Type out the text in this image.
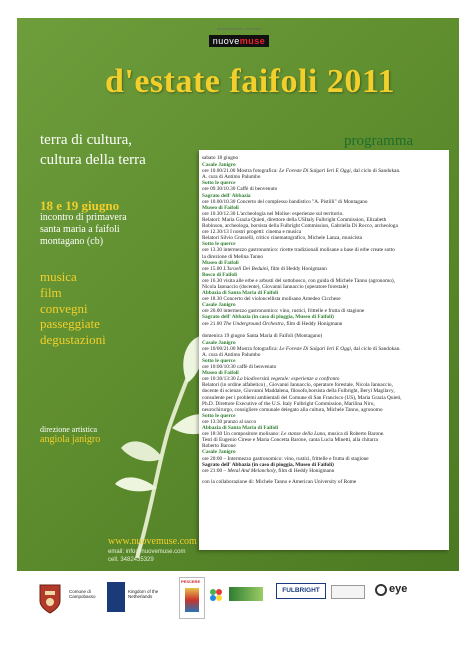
associazione culturale
nuovemuse
d'estate faifoli 2011
terra di cultura,
cultura della terra
18 e 19 giugno
incontro di primavera
santa maria a faifoli
montagano (cb)
musica
film
convegni
passeggiate
degustazioni
direzione artistica
angiola janigro
www.nuovemuse.com
email: info@nuovemuse.com
cell. 3482435329
programma
sabato 18 giugno
Casale Janigro
ore 10.00/21.00 Mostra fotografica: Le Foreste Di Salgari Ieri E Oggi, dal ciclo di Sandokan.
A. cura di Antimo Palumbo
Sotto le querce
ore 09.30/10.30 Caffè di benvenuto
Sagrato dell' Abbazia
ore 10.00/10.30 Concerto del complesso bandistico "A. Pistilli" di Montagano
Museo di Faifoli
ore 10.30/12.30 L'archeologia nel Molise: esperienze sul territorio.
Relatori: Maria Grazia Quieti, direttore della USItaly Fulbright Commission, Elizabeth
Robinson, archeologa, borsista della Fulbright Commission, Gabriella Di Rocco, archeologa
ore 12.30/13 I nostri progetti: cinema e musica
Relatori Silvio Grasselli, critico cinematografico, Michele Lanza, musicista
Sotto le querce
ore 13.30 intermezzo gastronomico: ricette tradizionali molisane a base di erbe create sotto
la direzione di Melina Tanno
Museo di Faifoli
ore 15.00 L'Israeli Dei Beduini, film di Heddy Honigmann
Bosco di Faifoli
ore 16.30 visita alle erbe e arbusti del sottobosco, con guida di Michele Tanno (agronomo),
Nicola Iannaccio (docente), Giovanni Iannaccio (operatore forestale)
Abbazia di Santa Maria di Faifoli
ore 18.30 Concerto del violoncellista molisano Amedeo Cicchese
Casale Janigro
ore 20.00 intermezzo gastronomico: vino, rustici, frittelle e frutta di stagione
Sagrato dell' Abbazia (in caso di pioggia, Museo di Faifoli)
ore 21.00 The Underground Orchestra, film di Heddy Honigmann
domenica 19 giugno Santa Maria di Faifoli (Montagano)
Casale Janigro
ore 10/00/21.00 Mostra fotografica: Le Foreste Di Salgari Ieri E Oggi, dal ciclo di Sandokan.
A. cura di Antimo Palumbo
Sotto le querce
ore 10:00/10:30 caffè di benvenuto
Museo di Faifoli
ore 10:30/13:30 La biodiversità vegetale: esperienze a confronto
Relatori (in ordine alfabetico) , Giovanni Iannaccio, operatore forestale, Nicola Iannaccio,
docente di scienze, Giovanni Maddalena, filosofo,borsista della Fulbright, Beryl Magilavy,
consulente per i problemi ambientali del Comune di San Francisco (US), Maria Grazia Quieti,
Ph.D. Direttore Executive of the U.S. Italy Fulbright Commission, Marilina Niro,
neurochirurgo, consigliere comunale delegato alla cultura, Michele Tanno, agronomo
Sotto le querce
ore 13:30 pranzo al sacco
Abbazia di Santa Maria di Faifoli
ore 18:30 Un compositore molisano: Le stanze della Luna, musica di Roberto Barone.
Testi di Eugenio Cirese e Maria Concetta Barone, canta Lucia Minetti, alla chitarra
Roberto Barone
Casale Janigro
ore 20:00 – Intermezzo gastronomico: vino, rustici, frittelle e frutta di stagione
Sagrato dell' Abbazia (in caso di pioggia, Museo di Faifoli)
ore 21:00 – Metal And Melancholy, film di Heddy Honigmann
con la collaborazione di: Michele Tanno e American University of Rome
Comune di Campobasso
Kingdom of the Netherlands
PESCERE
FULBRIGHT	eye
